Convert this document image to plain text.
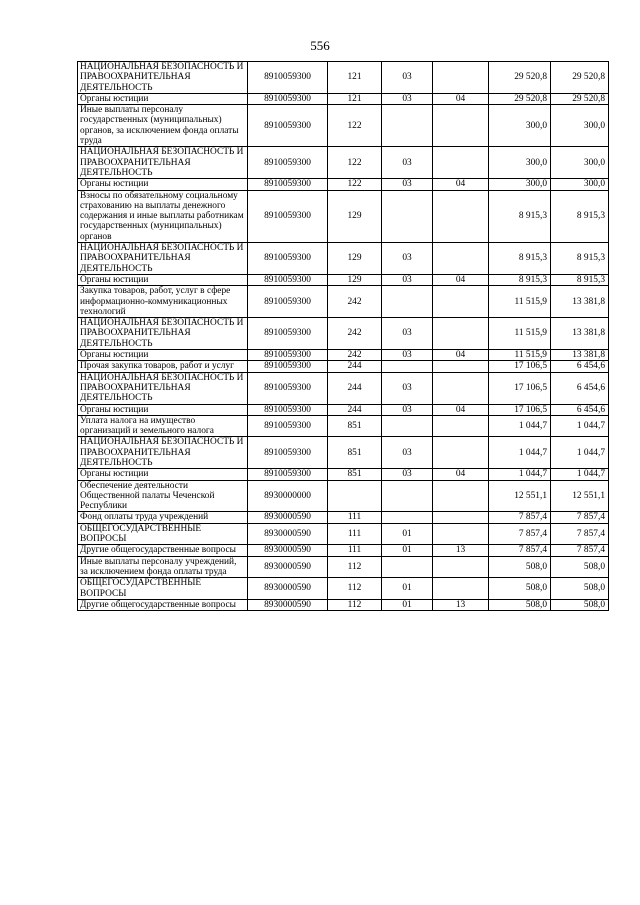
556
НАЦИОНАЛЬНАЯ БЕЗОПАСНОСТЬ И ПРАВООХРАНИТЕЛЬНАЯ ДЕЯТЕЛЬНОСТЬ	8910059300	121	03		29 520,8	29 520,8
Органы юстиции	8910059300	121	03	04	29 520,8	29 520,8
Иные выплаты персоналу государственных (муниципальных) органов, за исключением фонда оплаты труда	8910059300	122			300,0	300,0
НАЦИОНАЛЬНАЯ БЕЗОПАСНОСТЬ И ПРАВООХРАНИТЕЛЬНАЯ ДЕЯТЕЛЬНОСТЬ	8910059300	122	03		300,0	300,0
Органы юстиции	8910059300	122	03	04	300,0	300,0
Взносы по обязательному социальному страхованию на выплаты денежного содержания и иные выплаты работникам государственных (муниципальных) органов	8910059300	129			8 915,3	8 915,3
НАЦИОНАЛЬНАЯ БЕЗОПАСНОСТЬ И ПРАВООХРАНИТЕЛЬНАЯ ДЕЯТЕЛЬНОСТЬ	8910059300	129	03		8 915,3	8 915,3
Органы юстиции	8910059300	129	03	04	8 915,3	8 915,3
Закупка товаров, работ, услуг в сфере информационно-коммуникационных технологий	8910059300	242			11 515,9	13 381,8
НАЦИОНАЛЬНАЯ БЕЗОПАСНОСТЬ И ПРАВООХРАНИТЕЛЬНАЯ ДЕЯТЕЛЬНОСТЬ	8910059300	242	03		11 515,9	13 381,8
Органы юстиции	8910059300	242	03	04	11 515,9	13 381,8
Прочая закупка товаров, работ и услуг	8910059300	244			17 106,5	6 454,6
НАЦИОНАЛЬНАЯ БЕЗОПАСНОСТЬ И ПРАВООХРАНИТЕЛЬНАЯ ДЕЯТЕЛЬНОСТЬ	8910059300	244	03		17 106,5	6 454,6
Органы юстиции	8910059300	244	03	04	17 106,5	6 454,6
Уплата налога на имущество организаций и земельного налога	8910059300	851			1 044,7	1 044,7
НАЦИОНАЛЬНАЯ БЕЗОПАСНОСТЬ И ПРАВООХРАНИТЕЛЬНАЯ ДЕЯТЕЛЬНОСТЬ	8910059300	851	03		1 044,7	1 044,7
Органы юстиции	8910059300	851	03	04	1 044,7	1 044,7
Обеспечение деятельности Общественной палаты Чеченской Республики	8930000000				12 551,1	12 551,1
Фонд оплаты труда учреждений	8930000590	111			7 857,4	7 857,4
ОБЩЕГОСУДАРСТВЕННЫЕ ВОПРОСЫ	8930000590	111	01		7 857,4	7 857,4
Другие общегосударственные вопросы	8930000590	111	01	13	7 857,4	7 857,4
Иные выплаты персоналу учреждений, за исключением фонда оплаты труда	8930000590	112			508,0	508,0
ОБЩЕГОСУДАРСТВЕННЫЕ ВОПРОСЫ	8930000590	112	01		508,0	508,0
Другие общегосударственные вопросы	8930000590	112	01	13	508,0	508,0
